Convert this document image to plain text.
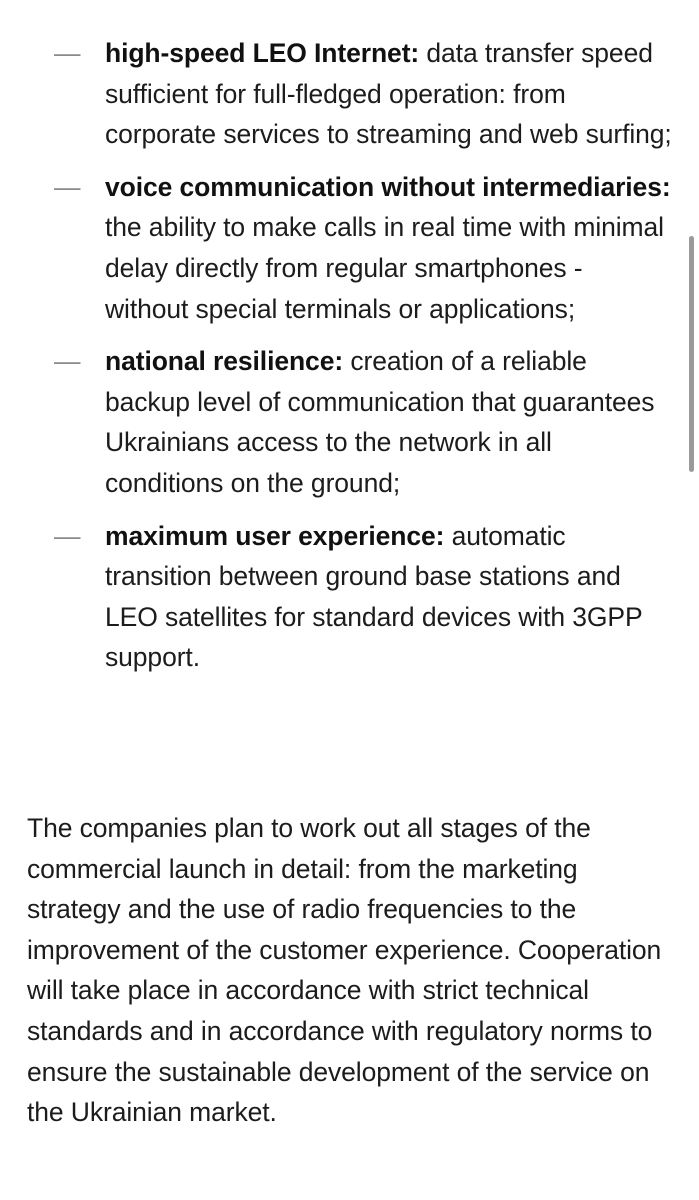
— high-speed LEO Internet: data transfer speed sufficient for full-fledged operation: from corporate services to streaming and web surfing;
— voice communication without intermediaries: the ability to make calls in real time with minimal delay directly from regular smartphones - without special terminals or applications;
— national resilience: creation of a reliable backup level of communication that guarantees Ukrainians access to the network in all conditions on the ground;
— maximum user experience: automatic transition between ground base stations and LEO satellites for standard devices with 3GPP support.

The companies plan to work out all stages of the commercial launch in detail: from the marketing strategy and the use of radio frequencies to the improvement of the customer experience. Cooperation will take place in accordance with strict technical standards and in accordance with regulatory norms to ensure the sustainable development of the service on the Ukrainian market.
